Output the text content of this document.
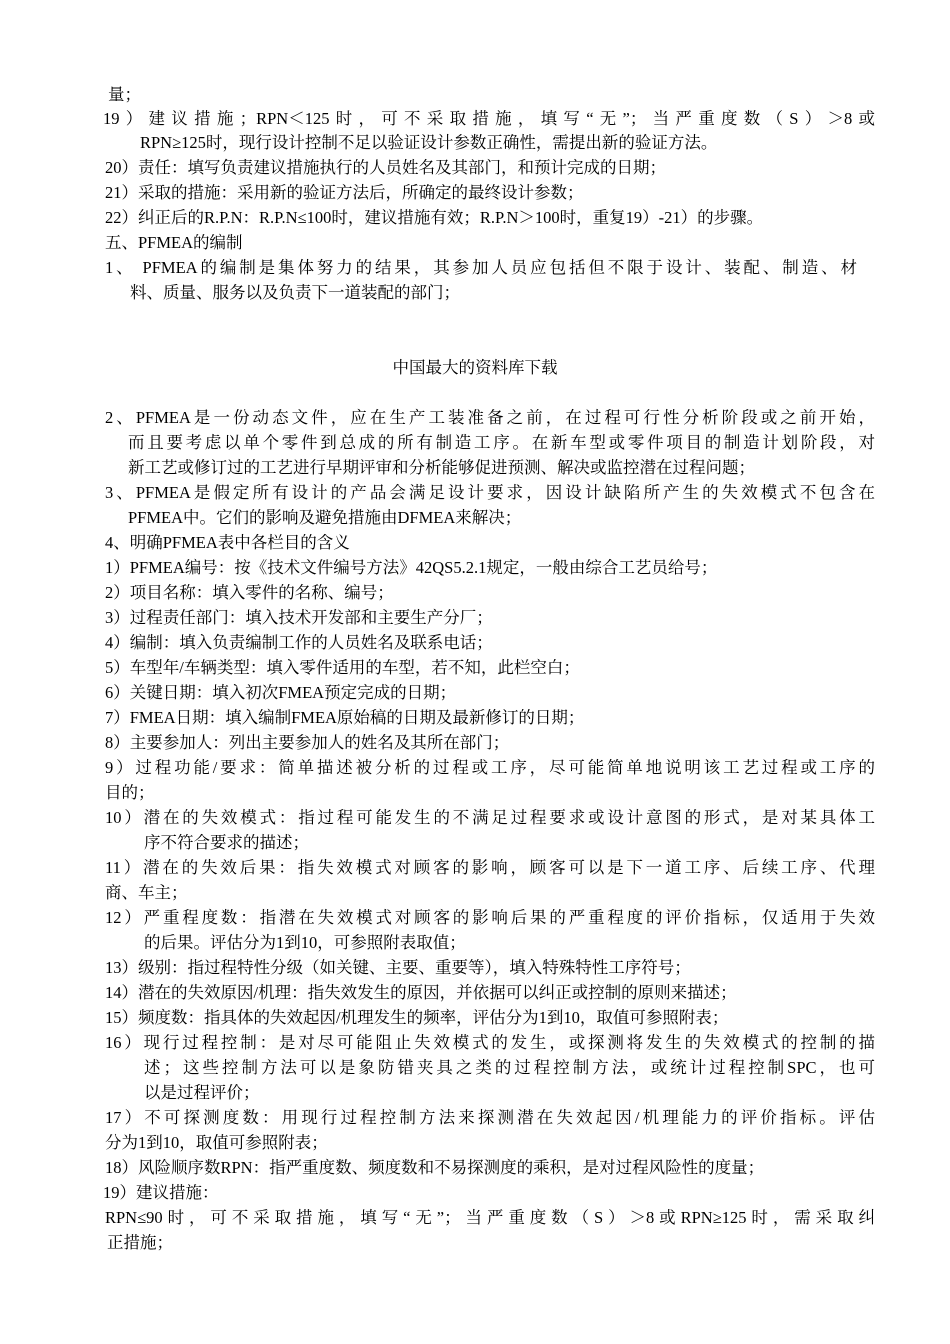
量；
19）建议措施；RPN＜125时，可不采取措施，填写“无”；当严重度数（S）＞8或
RPN≥125时，现行设计控制不足以验证设计参数正确性，需提出新的验证方法。
20）责任：填写负责建议措施执行的人员姓名及其部门，和预计完成的日期；
21）采取的措施：采用新的验证方法后，所确定的最终设计参数；
22）纠正后的R.P.N：R.P.N≤100时，建议措施有效；R.P.N＞100时，重复19）-21）的步骤。
五、PFMEA的编制
1、 PFMEA的编制是集体努力的结果，其参加人员应包括但不限于设计、装配、制造、材
料、质量、服务以及负责下一道装配的部门；
中国最大的资料库下载
2、PFMEA是一份动态文件，应在生产工装准备之前，在过程可行性分析阶段或之前开始，
而且要考虑以单个零件到总成的所有制造工序。在新车型或零件项目的制造计划阶段，对
新工艺或修订过的工艺进行早期评审和分析能够促进预测、解决或监控潜在过程问题；
3、PFMEA是假定所有设计的产品会满足设计要求，因设计缺陷所产生的失效模式不包含在
PFMEA中。它们的影响及避免措施由DFMEA来解决；
4、明确PFMEA表中各栏目的含义
1）PFMEA编号：按《技术文件编号方法》42QS5.2.1规定，一般由综合工艺员给号；
2）项目名称：填入零件的名称、编号；
3）过程责任部门：填入技术开发部和主要生产分厂；
4）编制：填入负责编制工作的人员姓名及联系电话；
5）车型年/车辆类型：填入零件适用的车型，若不知，此栏空白；
6）关键日期：填入初次FMEA预定完成的日期；
7）FMEA日期：填入编制FMEA原始稿的日期及最新修订的日期；
8）主要参加人：列出主要参加人的姓名及其所在部门；
9）过程功能/要求：简单描述被分析的过程或工序，尽可能简单地说明该工艺过程或工序的
目的；
10）潜在的失效模式：指过程可能发生的不满足过程要求或设计意图的形式，是对某具体工
序不符合要求的描述；
11）潜在的失效后果：指失效模式对顾客的影响，顾客可以是下一道工序、后续工序、代理
商、车主；
12）严重程度数：指潜在失效模式对顾客的影响后果的严重程度的评价指标，仅适用于失效
的后果。评估分为1到10，可参照附表取值；
13）级别：指过程特性分级（如关键、主要、重要等），填入特殊特性工序符号；
14）潜在的失效原因/机理：指失效发生的原因，并依据可以纠正或控制的原则来描述；
15）频度数：指具体的失效起因/机理发生的频率，评估分为1到10，取值可参照附表；
16）现行过程控制：是对尽可能阻止失效模式的发生，或探测将发生的失效模式的控制的描
述；这些控制方法可以是象防错夹具之类的过程控制方法，或统计过程控制SPC，也可
以是过程评价；
17）不可探测度数：用现行过程控制方法来探测潜在失效起因/机理能力的评价指标。评估
分为1到10，取值可参照附表；
18）风险顺序数RPN：指严重度数、频度数和不易探测度的乘积，是对过程风险性的度量；
19）建议措施：
RPN≤90时，可不采取措施，填写“无”；当严重度数（S）＞8或RPN≥125时，需采取纠
正措施；
